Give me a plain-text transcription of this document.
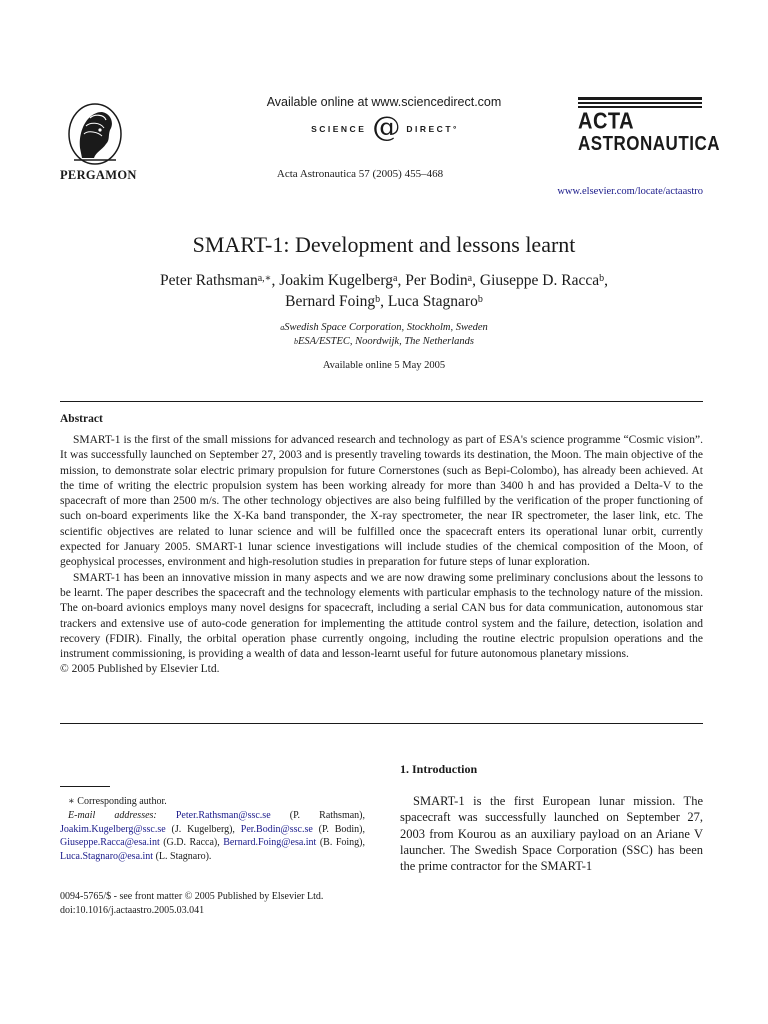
PERGAMON
Available online at www.sciencedirect.com
SCIENCE @ DIRECT°
Acta Astronautica 57 (2005) 455–468
ACTA
ASTRONAUTICA
www.elsevier.com/locate/actaastro
SMART-1: Development and lessons learnt
Peter Rathsman$^{a,∗}$, Joakim Kugelberg$^a$, Per Bodin$^a$, Giuseppe D. Racca$^b$,
Bernard Foing$^b$, Luca Stagnaro$^b$
$^a$Swedish Space Corporation, Stockholm, Sweden
$^b$ESA/ESTEC, Noordwijk, The Netherlands
Available online 5 May 2005
Abstract

SMART-1 is the first of the small missions for advanced research and technology as part of ESA's science programme “Cosmic vision”. It was successfully launched on September 27, 2003 and is presently traveling towards its destination, the Moon. The main objective of the mission, to demonstrate solar electric primary propulsion for future Cornerstones (such as Bepi-Colombo), has already been achieved. At the time of writing the electric propulsion system has been working already for more than 3400 h and has provided a Delta-V to the spacecraft of more than 2500 m/s. The other technology objectives are also being fulfilled by the verification of the proper functioning of such on-board experiments like the X-Ka band transponder, the X-ray spectrometer, the near IR spectrometer, the laser link, etc. The scientific objectives are related to lunar science and will be fulfilled once the spacecraft enters its operational lunar orbit, currently expected for January 2005. SMART-1 lunar science investigations will include studies of the chemical composition of the Moon, of geophysical processes, environment and high-resolution studies in preparation for future steps of lunar exploration.

SMART-1 has been an innovative mission in many aspects and we are now drawing some preliminary conclusions about the lessons to be learnt. The paper describes the spacecraft and the technology elements with particular emphasis to the technology nature of the mission. The on-board avionics employs many novel designs for spacecraft, including a serial CAN bus for data communication, autonomous star trackers and extensive use of auto-code generation for implementing the attitude control system and the failure, detection, isolation and recovery (FDIR). Finally, the orbital operation phase currently ongoing, including the routine electric propulsion operations and the instrument commissioning, is providing a wealth of data and lesson-learnt useful for future autonomous planetary missions.

© 2005 Published by Elsevier Ltd.

1. Introduction
SMART-1 is the first European lunar mission. The spacecraft was successfully launched on September 27, 2003 from Kourou as an auxiliary payload on an Ariane V launcher. The Swedish Space Corporation (SSC) has been the prime contractor for the SMART-1
∗ Corresponding author.
E-mail addresses: Peter.Rathsman@ssc.se (P. Rathsman), Joakim.Kugelberg@ssc.se (J. Kugelberg), Per.Bodin@ssc.se (P. Bodin), Giuseppe.Racca@esa.int (G.D. Racca), Bernard.Foing@esa.int (B. Foing), Luca.Stagnaro@esa.int (L. Stagnaro).
0094-5765/$ - see front matter © 2005 Published by Elsevier Ltd.
doi:10.1016/j.actaastro.2005.03.041
